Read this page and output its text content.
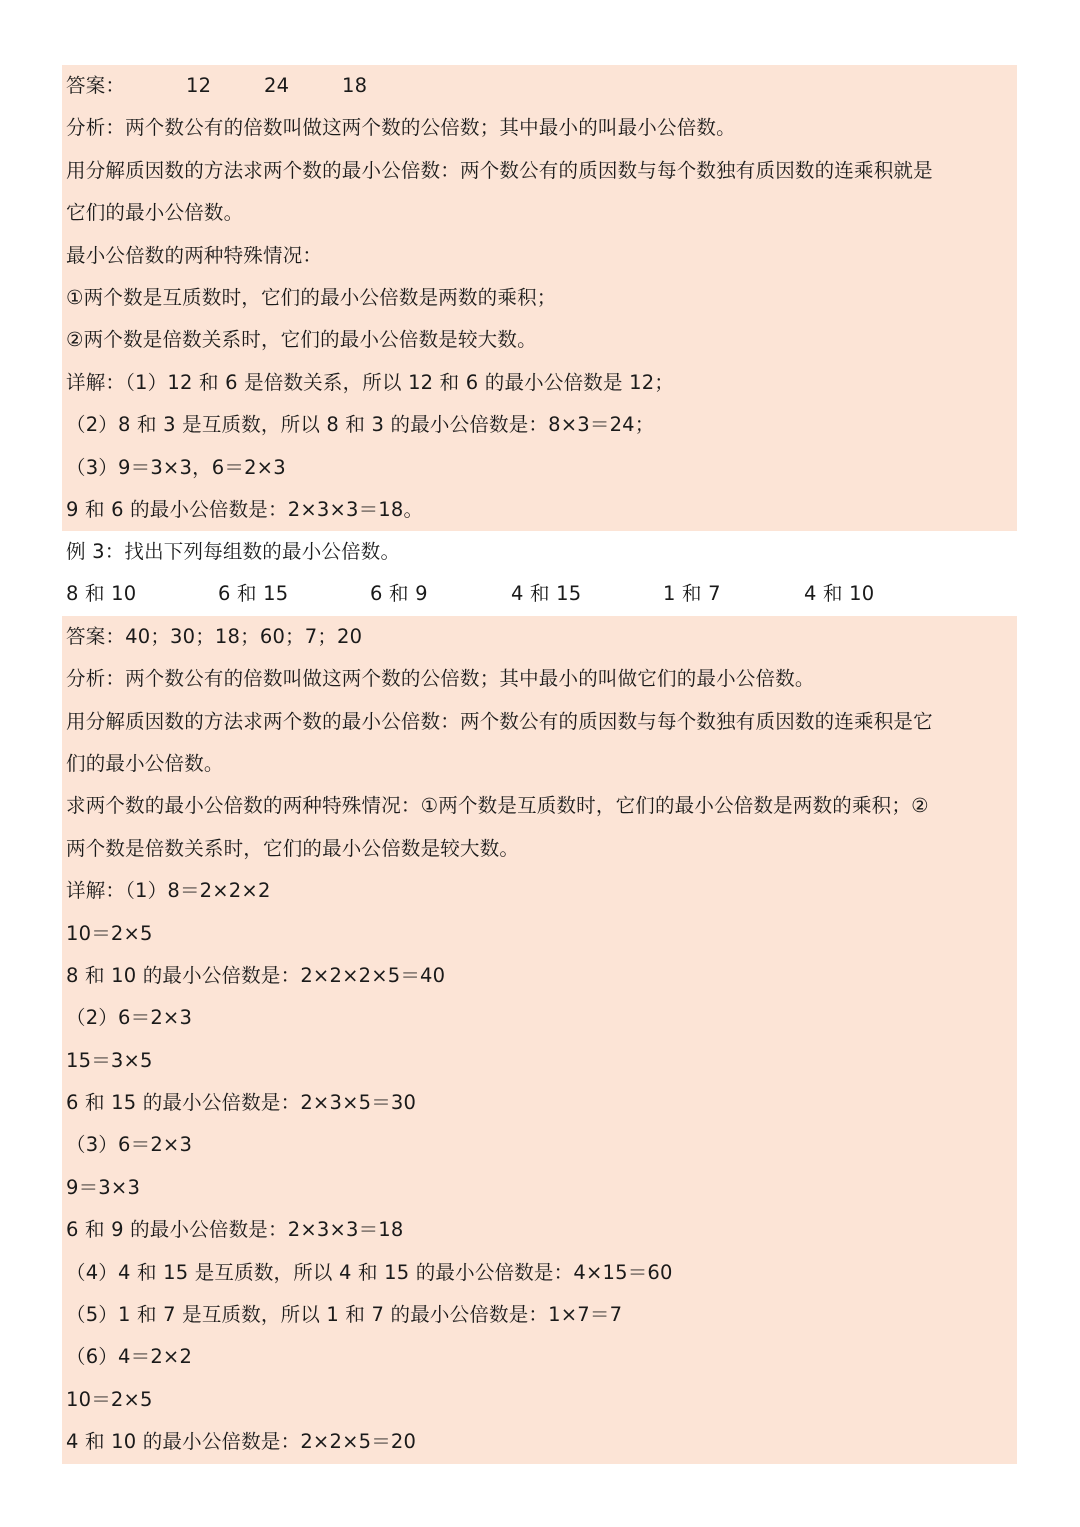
答案：	12	24	18
分析：两个数公有的倍数叫做这两个数的公倍数；其中最小的叫最小公倍数。
用分解质因数的方法求两个数的最小公倍数：两个数公有的质因数与每个数独有质因数的连乘积就是
它们的最小公倍数。
最小公倍数的两种特殊情况：
①两个数是互质数时，它们的最小公倍数是两数的乘积；
②两个数是倍数关系时，它们的最小公倍数是较大数。
详解：（1）12 和 6 是倍数关系，所以 12 和 6 的最小公倍数是 12；
（2）8 和 3 是互质数，所以 8 和 3 的最小公倍数是：8×3＝24；
（3）9＝3×3，6＝2×3
9 和 6 的最小公倍数是：2×3×3＝18。
例 3：找出下列每组数的最小公倍数。
8 和 10	6 和 15	6 和 9	4 和 15	1 和 7	4 和 10
答案：40；30；18；60；7；20
分析：两个数公有的倍数叫做这两个数的公倍数；其中最小的叫做它们的最小公倍数。
用分解质因数的方法求两个数的最小公倍数：两个数公有的质因数与每个数独有质因数的连乘积是它
们的最小公倍数。
求两个数的最小公倍数的两种特殊情况：①两个数是互质数时，它们的最小公倍数是两数的乘积；②
两个数是倍数关系时，它们的最小公倍数是较大数。
详解：（1）8＝2×2×2
10＝2×5
8 和 10 的最小公倍数是：2×2×2×5＝40
（2）6＝2×3
15＝3×5
6 和 15 的最小公倍数是：2×3×5＝30
（3）6＝2×3
9＝3×3
6 和 9 的最小公倍数是：2×3×3＝18
（4）4 和 15 是互质数，所以 4 和 15 的最小公倍数是：4×15＝60
（5）1 和 7 是互质数，所以 1 和 7 的最小公倍数是：1×7＝7
（6）4＝2×2
10＝2×5
4 和 10 的最小公倍数是：2×2×5＝20
